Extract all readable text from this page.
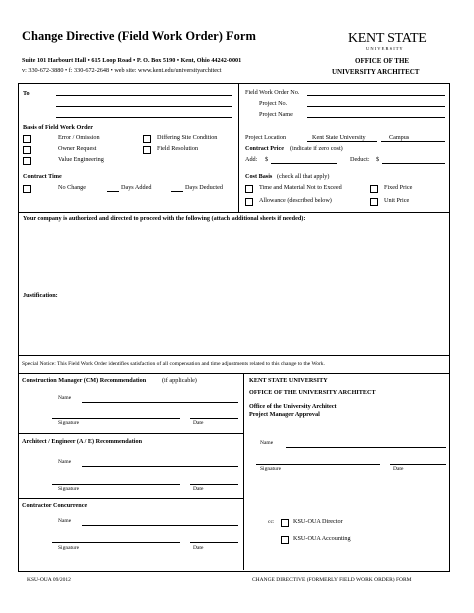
Change Directive (Field Work Order) Form
Suite 101 Harbourt Hall • 615 Loop Road • P. O. Box 5190 • Kent, Ohio 44242-0001
v: 330-672-3880 • f: 330-672-2648 • web site: www.kent.edu/universityarchitect
KENT STATE
U N I V E R S I T Y
OFFICE OF THE
UNIVERSITY ARCHITECT
To
Basis of Field Work Order
Error / Omission
Owner Request
Value Engineering
Differing Site Condition
Field Resolution
Contract Time
No Change	Days Added	Days Deducted
Field Work Order No.
Project No.
Project Name
Project Location	Kent State University	Campus
Contract Price (indicate if zero cost)
Add: $	Deduct: $
Cost Basis (check all that apply)
Time and Material Not to Exceed	Fixed Price
Allowance (described below)	Unit Price
Your company is authorized and directed to proceed with the following (attach additional sheets if needed):
Justification:
Special Notice: This Field Work Order identifies satisfaction of all compensation and time adjustments related to this change to the Work.
Construction Manager (CM) Recommendation	(if applicable)
Name
Signature	Date
Architect / Engineer (A / E) Recommendation
Name
Signature	Date
Contractor Concurrence
Name
Signature	Date
KENT STATE UNIVERSITY
OFFICE OF THE UNIVERSITY ARCHITECT
Office of the University Architect
Project Manager Approval
Name
Signature	Date
cc:	KSU-OUA Director
KSU-OUA Accounting
KSU-OUA 09/2012	CHANGE DIRECTIVE (FORMERLY FIELD WORK ORDER) FORM
